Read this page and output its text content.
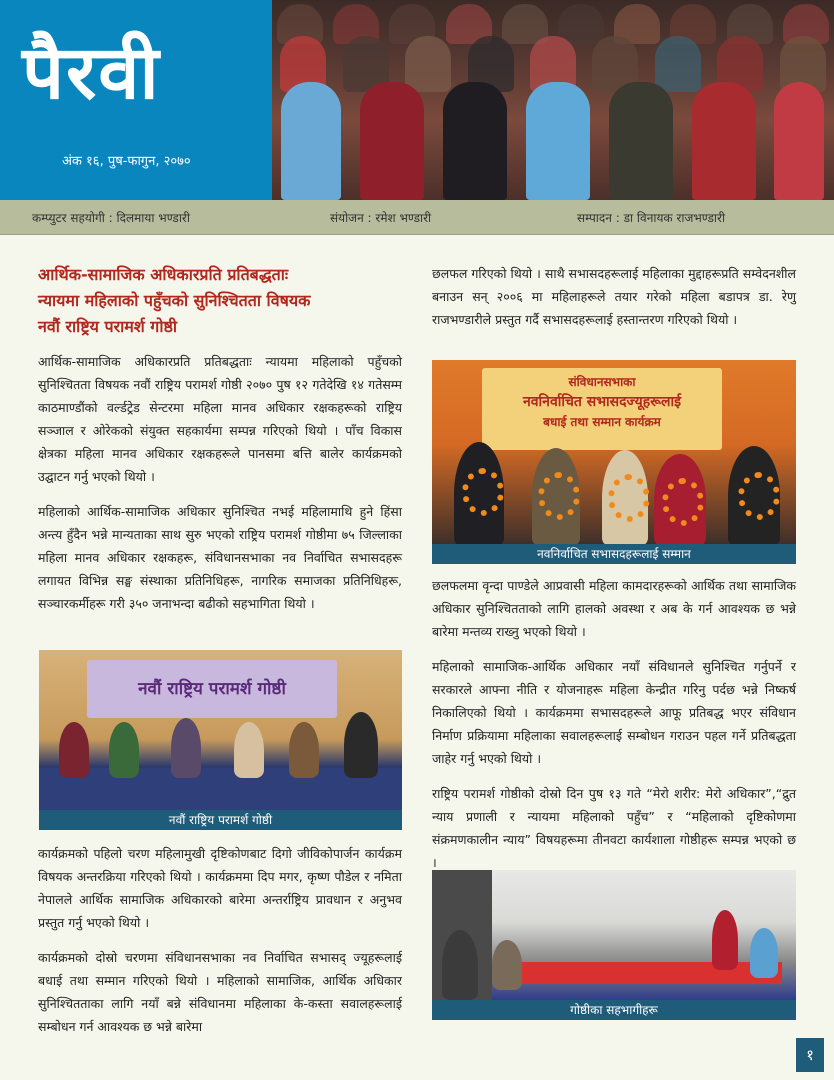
पैरवी
अंक १६, पुष-फागुन, २०७०
कम्प्युटर सहयोगी : दिलमाया भण्डारी	संयोजन : रमेश भण्डारी	सम्पादन : डा विनायक राजभण्डारी
आर्थिक-सामाजिक अधिकारप्रति प्रतिबद्धताः
न्यायमा महिलाको पहुँचको सुनिश्चितता विषयक
नवौं राष्ट्रिय परामर्श गोष्ठी

आर्थिक-सामाजिक अधिकारप्रति प्रतिबद्धताः न्यायमा महिलाको पहुँचको सुनिश्चितता विषयक नवौं राष्ट्रिय परामर्श गोष्ठी २०७० पुष १२ गतेदेखि १४ गतेसम्म काठमाण्डौंको वर्ल्डट्रेड सेन्टरमा महिला मानव अधिकार रक्षकहरूको राष्ट्रिय सञ्जाल र ओरेकको संयुक्त सहकार्यमा सम्पन्न गरिएको थियो । पाँच विकास क्षेत्रका महिला मानव अधिकार रक्षकहरूले पानसमा बत्ति बालेर कार्यक्रमको उद्घाटन गर्नु भएको थियो ।

महिलाको आर्थिक-सामाजिक अधिकार सुनिश्चित नभई महिलामाथि हुने हिंसा अन्त्य हुँदैन भन्ने मान्यताका साथ सुरु भएको राष्ट्रिय परामर्श गोष्ठीमा ७५ जिल्लाका महिला मानव अधिकार रक्षकहरू, संविधानसभाका नव निर्वाचित सभासदहरू लगायत विभिन्न सङ्घ संस्थाका प्रतिनिधिहरू, नागरिक समाजका प्रतिनिधिहरू, सञ्चारकर्मीहरू गरी ३५० जनाभन्दा बढीको सहभागिता थियो ।

नवौं राष्ट्रिय परामर्श गोष्ठी
नवौं राष्ट्रिय परामर्श गोष्ठी

कार्यक्रमको पहिलो चरण महिलामुखी दृष्टिकोणबाट दिगो जीविकोपार्जन कार्यक्रम विषयक अन्तरक्रिया गरिएको थियो । कार्यक्रममा दिप मगर, कृष्ण पौडेल र नमिता नेपालले आर्थिक सामाजिक अधिकारको बारेमा अन्तर्राष्ट्रिय प्रावधान र अनुभव प्रस्तुत गर्नु भएको थियो ।

कार्यक्रमको दोस्रो चरणमा संविधानसभाका नव निर्वाचित सभासद् ज्यूहरूलाई बधाई तथा सम्मान गरिएको थियो । महिलाको सामाजिक, आर्थिक अधिकार सुनिश्चितताका लागि नयाँ बन्ने संविधानमा महिलाका के-कस्ता सवालहरूलाई सम्बोधन गर्न आवश्यक छ भन्ने बारेमा

छलफल गरिएको थियो । साथै सभासदहरूलाई महिलाका मुद्दाहरूप्रति सम्वेदनशील बनाउन सन् २००६ मा महिलाहरूले तयार गरेको महिला बडापत्र डा. रेणु राजभण्डारीले प्रस्तुत गर्दै सभासदहरूलाई हस्तान्तरण गरिएको थियो ।

संविधानसभाका
नवनिर्वाचित सभासदज्यूहरूलाई
बधाई तथा सम्मान कार्यक्रम
नवनिर्वाचित सभासदहरूलाई सम्मान

छलफलमा वृन्दा पाण्डेले आप्रवासी महिला कामदारहरूको आर्थिक तथा सामाजिक अधिकार सुनिश्चितताको लागि हालको अवस्था र अब के गर्न आवश्यक छ भन्ने बारेमा मन्तव्य राख्नु भएको थियो ।

महिलाको सामाजिक-आर्थिक अधिकार नयाँ संविधानले सुनिश्चित गर्नुपर्ने र सरकारले आफ्ना नीति र योजनाहरू महिला केन्द्रीत गरिनु पर्दछ भन्ने निष्कर्ष निकालिएको थियो । कार्यक्रममा सभासदहरूले आफू प्रतिबद्ध भएर संविधान निर्माण प्रक्रियामा महिलाका सवालहरूलाई सम्बोधन गराउन पहल गर्ने प्रतिबद्धता जाहेर गर्नु भएको थियो ।

राष्ट्रिय परामर्श गोष्ठीको दोस्रो दिन पुष १३ गते “मेरो शरीर: मेरो अधिकार”,“द्रुत न्याय प्रणाली र न्यायमा महिलाको पहुँच” र “महिलाको दृष्टिकोणमा संक्रमणकालीन न्याय” विषयहरूमा तीनवटा कार्यशाला गोष्ठीहरू सम्पन्न भएको छ ।

गोष्ठीका सहभागीहरू
१
